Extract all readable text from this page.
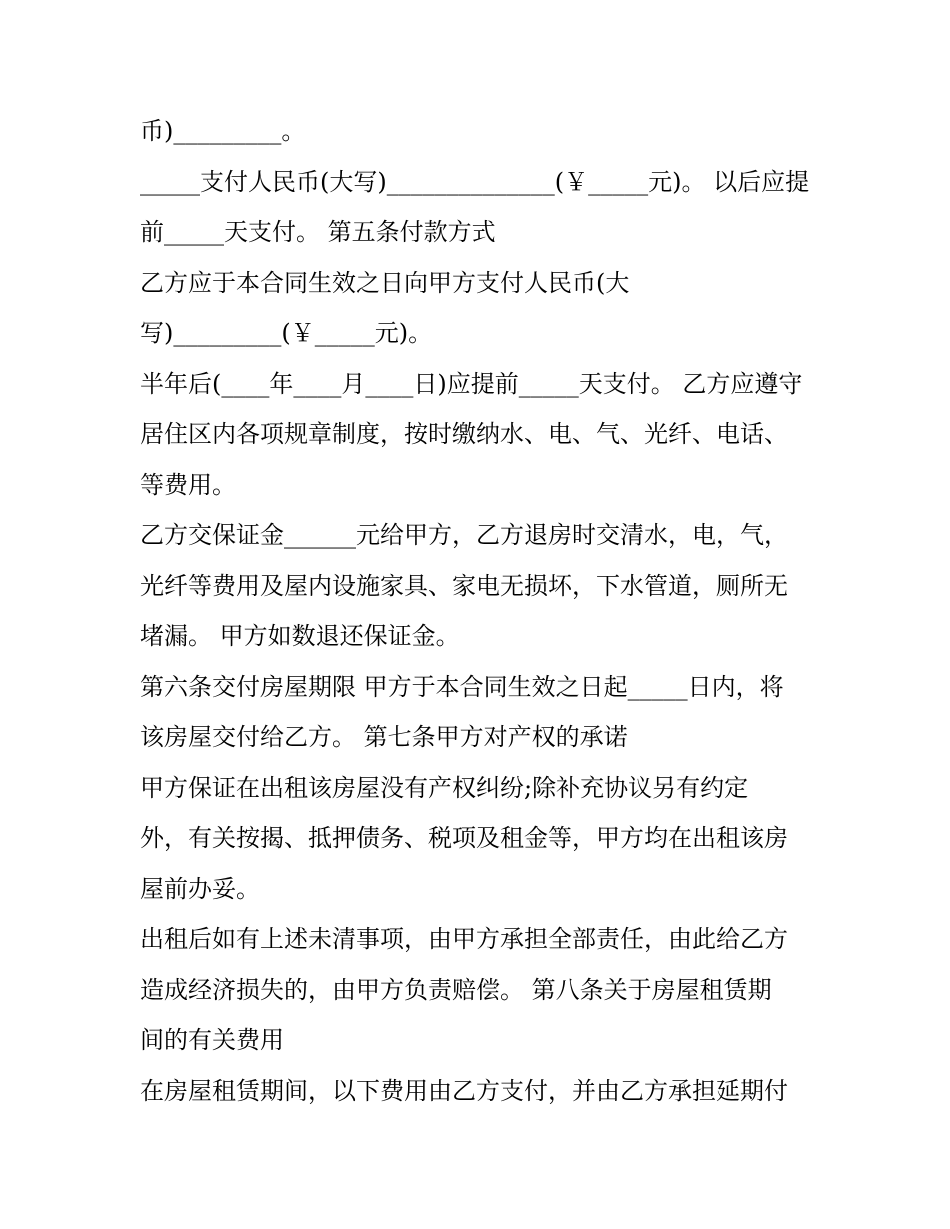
币)_________。
_____支付人民币(大写)______________(￥_____元)。 以后应提
前_____天支付。 第五条付款方式
乙方应于本合同生效之日向甲方支付人民币(大
写)_________(￥_____元)。
半年后(____年____月____日)应提前_____天支付。 乙方应遵守
居住区内各项规章制度，按时缴纳水、电、气、光纤、电话、
等费用。
乙方交保证金______元给甲方，乙方退房时交清水，电，气，
光纤等费用及屋内设施家具、家电无损坏，下水管道，厕所无
堵漏。 甲方如数退还保证金。
第六条交付房屋期限 甲方于本合同生效之日起_____日内，将
该房屋交付给乙方。 第七条甲方对产权的承诺
甲方保证在出租该房屋没有产权纠纷;除补充协议另有约定
外，有关按揭、抵押债务、税项及租金等，甲方均在出租该房
屋前办妥。
出租后如有上述未清事项，由甲方承担全部责任，由此给乙方
造成经济损失的，由甲方负责赔偿。 第八条关于房屋租赁期
间的有关费用
在房屋租赁期间，以下费用由乙方支付，并由乙方承担延期付
